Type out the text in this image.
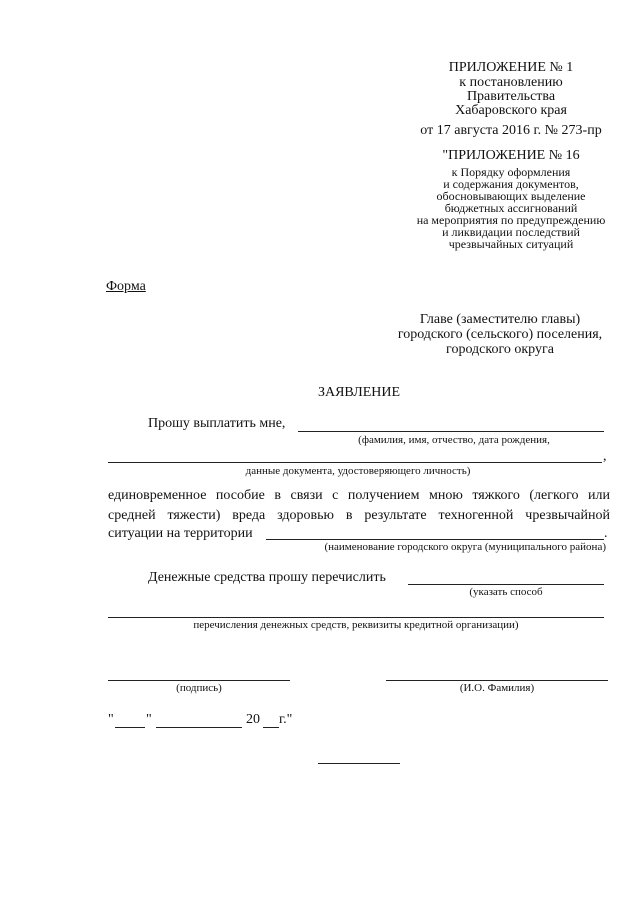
ПРИЛОЖЕНИЕ № 1
к постановлению
Правительства
Хабаровского края
от 17 августа 2016 г. № 273-пр
"ПРИЛОЖЕНИЕ № 16
к Порядку оформления
и содержания документов,
обосновывающих выделение
бюджетных ассигнований
на мероприятия по предупреждению
и ликвидации последствий
чрезвычайных ситуаций
Форма
Главе (заместителю главы)
городского (сельского) поселения,
городского округа
ЗАЯВЛЕНИЕ
Прошу выплатить мне,
(фамилия, имя, отчество, дата рождения,
,
данные документа, удостоверяющего личность)
единовременное пособие в связи с получением мною тяжкого (легкого или
средней тяжести) вреда здоровью в результате техногенной чрезвычайной
ситуации на территории	.
(наименование городского округа (муниципального района)
Денежные средства прошу перечислить
(указать способ
перечисления денежных средств, реквизиты кредитной организации)
(подпись)	(И.О. Фамилия)
" "	20 г."
